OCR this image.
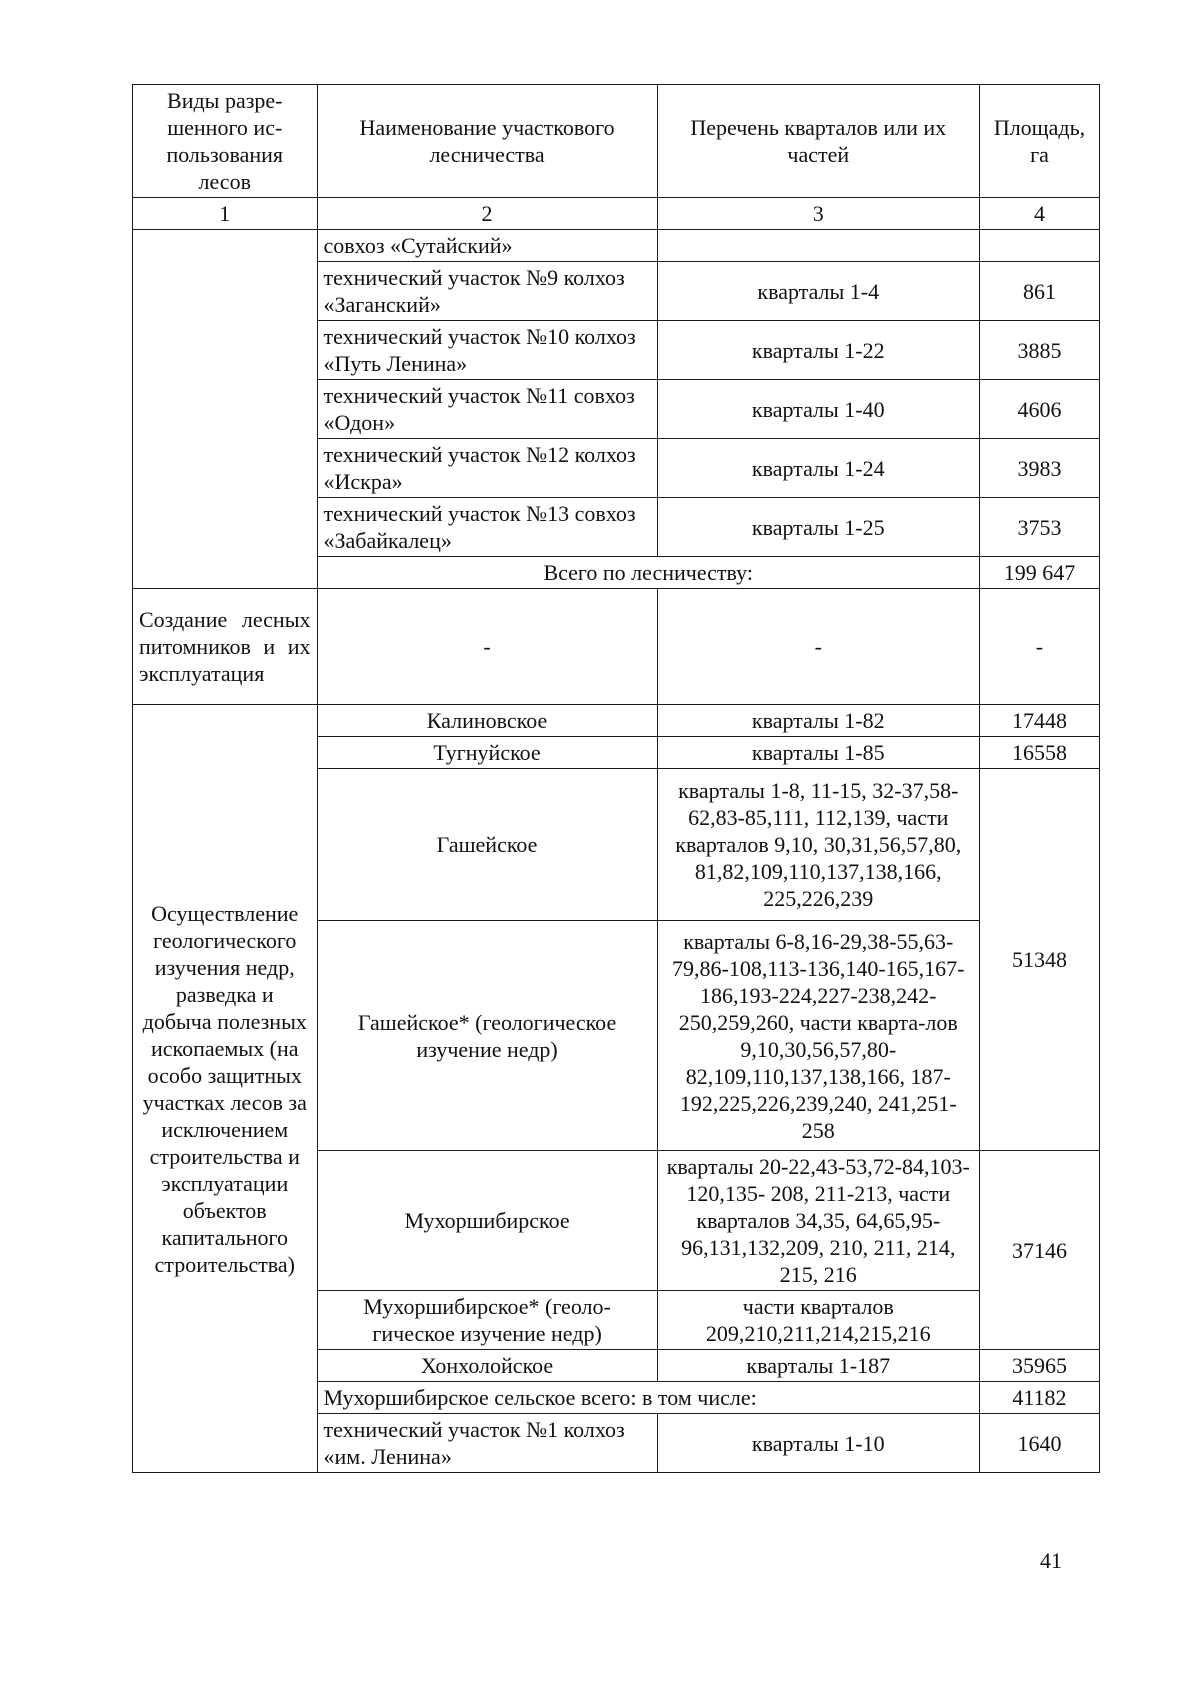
Виды разре-шенного ис-пользования лесов	Наименование участкового лесничества	Перечень кварталов или их частей	Площадь, га
1	2	3	4
	совхоз «Сутайский»		
	технический участок №9 колхоз «Заганский»	кварталы 1-4	861
	технический участок №10 колхоз «Путь Ленина»	кварталы 1-22	3885
	технический участок №11 совхоз «Одон»	кварталы 1-40	4606
	технический участок №12 колхоз «Искра»	кварталы 1-24	3983
	технический участок №13 совхоз «Забайкалец»	кварталы 1-25	3753
	Всего по лесничеству:		199 647
Создание лесных питомников и их эксплуатация	-	-	-
Осуществление геологического изучения недр, разведка и добыча полезных ископаемых (на особо защитных участках лесов за исключением строительства и эксплуатации объектов капитального строительства)	Калиновское	кварталы 1-82	17448
	Тугнуйское	кварталы 1-85	16558
	Гашейское	кварталы 1-8, 11-15, 32-37,58-62,83-85,111, 112,139, части кварталов 9,10, 30,31,56,57,80, 81,82,109,110,137,138,166, 225,226,239	51348
	Гашейское* (геологическое изучение недр)	кварталы 6-8,16-29,38-55,63-79,86-108,113-136,140-165,167-186,193-224,227-238,242-250,259,260, части кварта-лов 9,10,30,56,57,80-82,109,110,137,138,166, 187-192,225,226,239,240, 241,251-258	
	Мухоршибирское	кварталы 20-22,43-53,72-84,103-120,135- 208, 211-213, части кварталов 34,35, 64,65,95-96,131,132,209, 210, 211, 214, 215, 216	37146
	Мухоршибирское* (геоло-гическое изучение недр)	части кварталов 209,210,211,214,215,216	
	Хонхолойское	кварталы 1-187	35965
	Мухоршибирское сельское всего: в том числе:		41182
	технический участок №1 колхоз «им. Ленина»	кварталы 1-10	1640
41
